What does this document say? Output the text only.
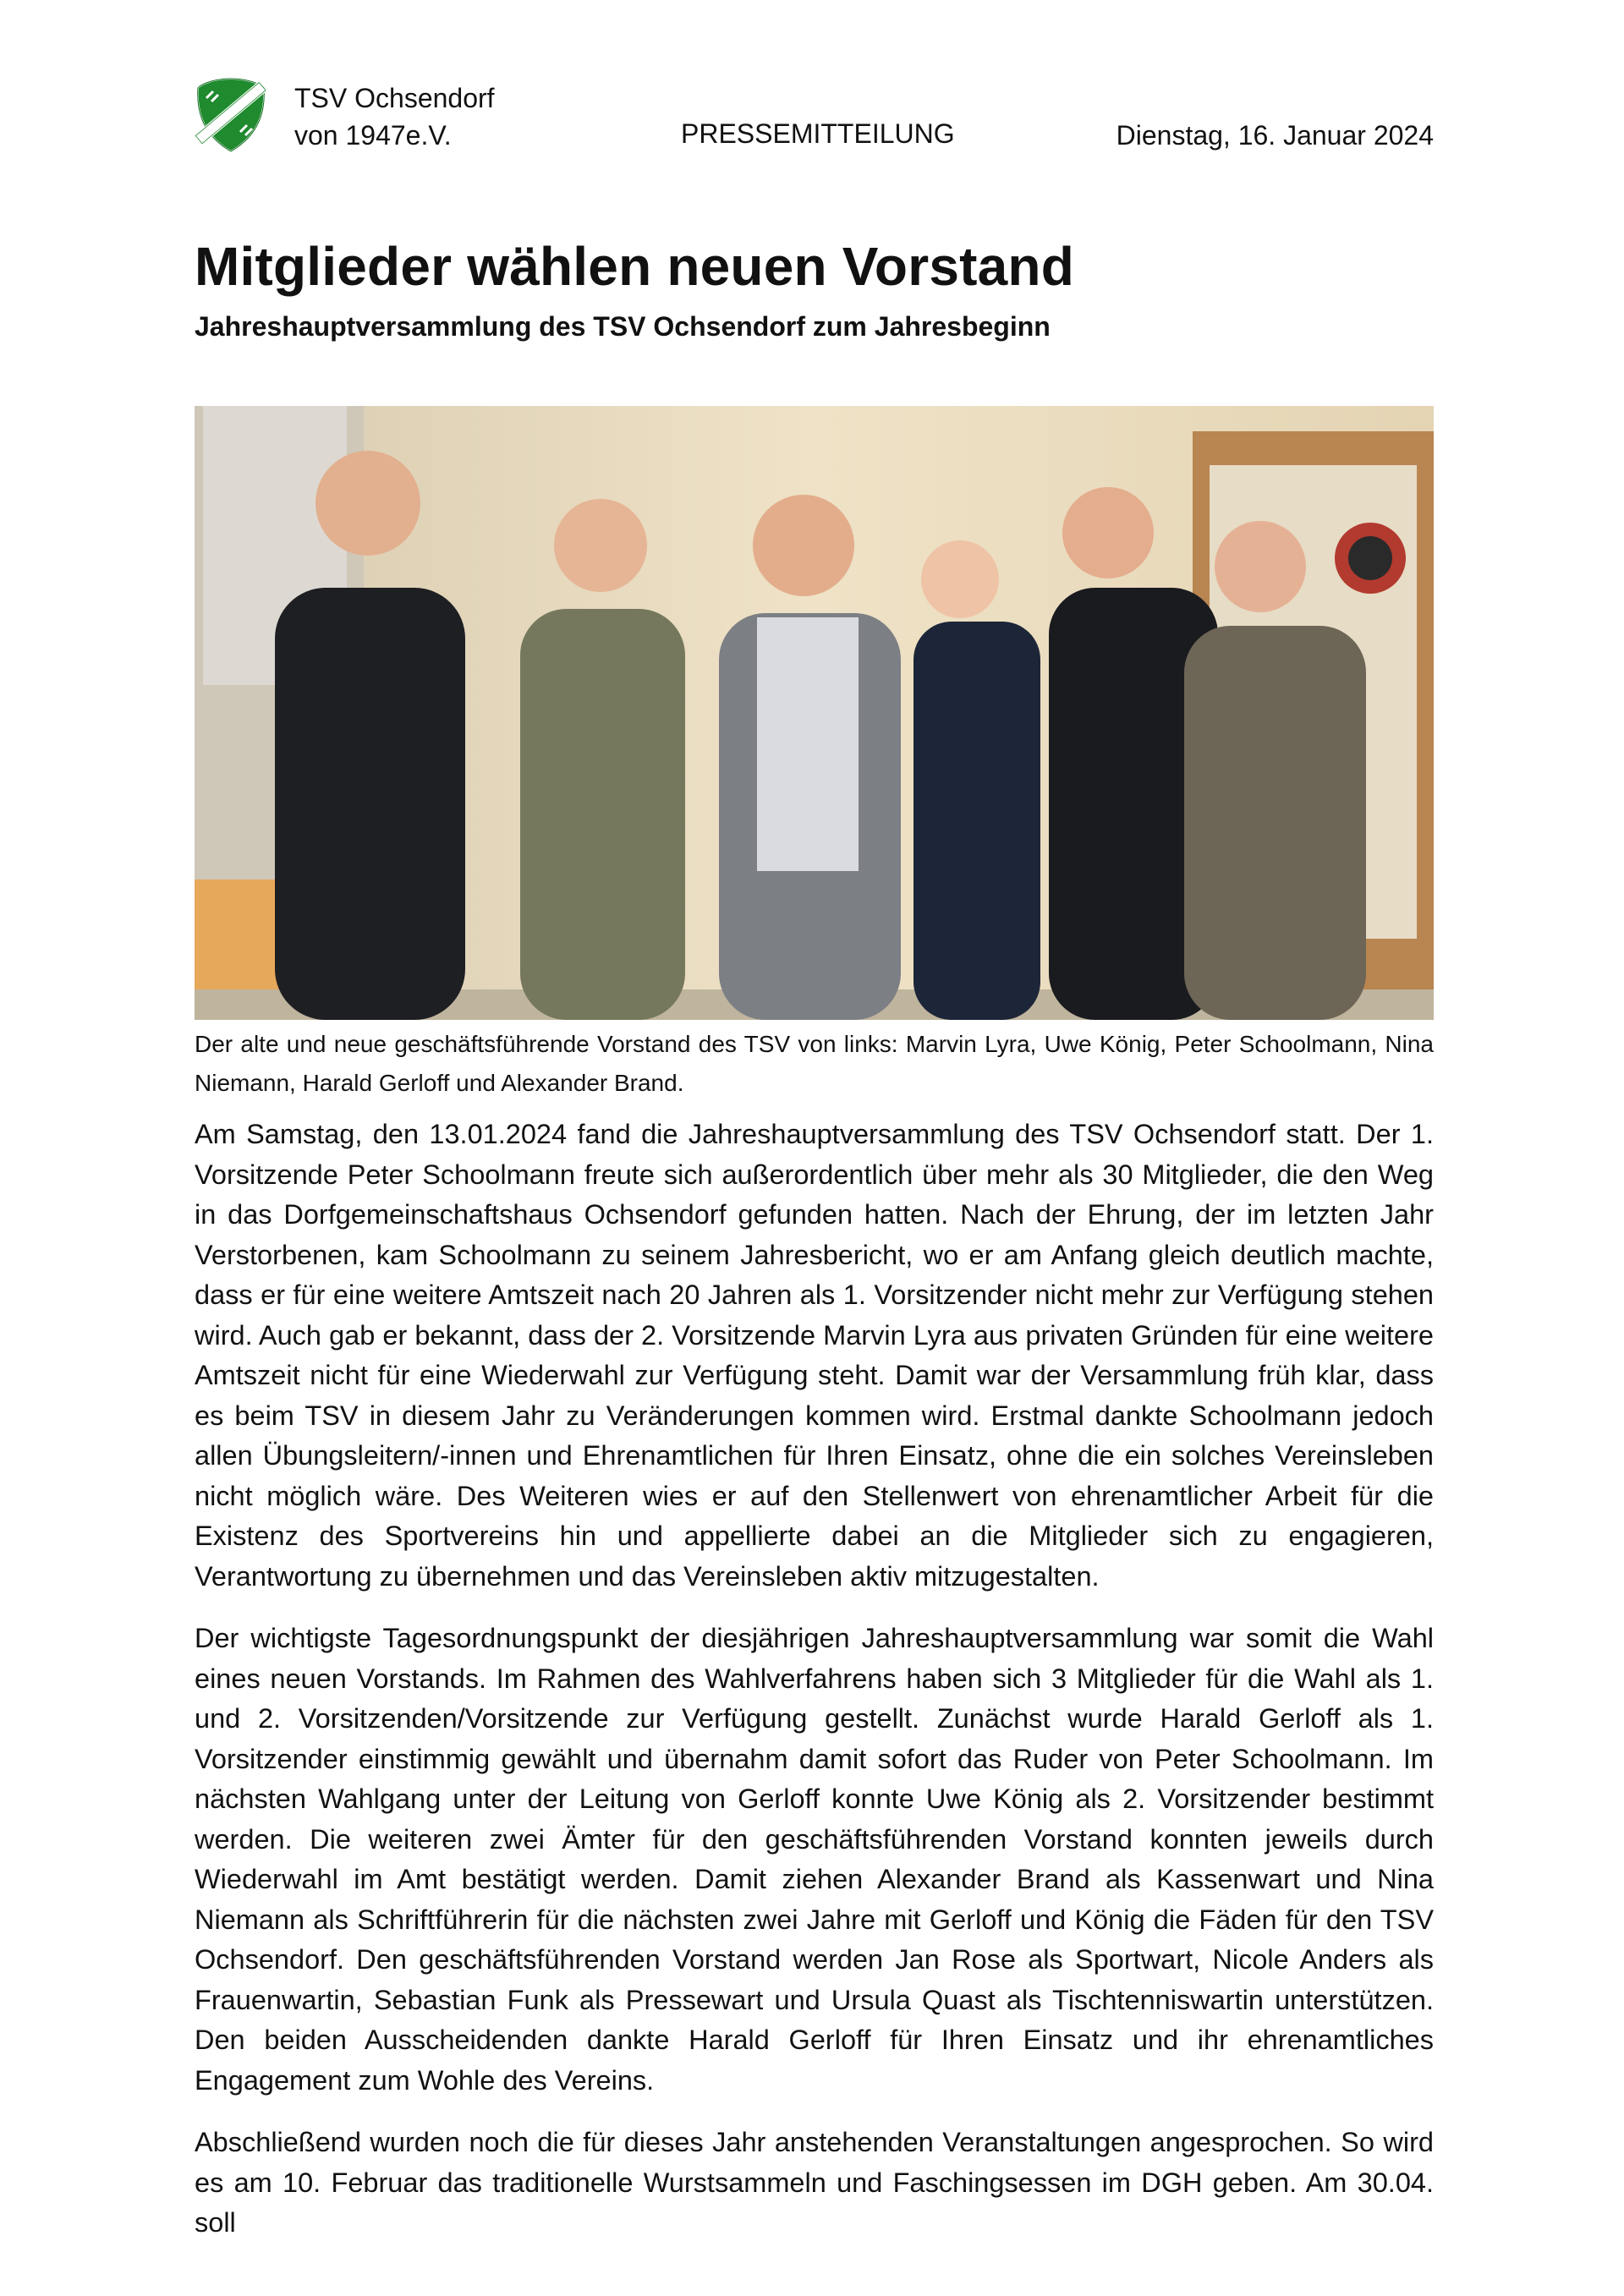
TSV Ochsendorf
von 1947e.V.	PRESSEMITTEILUNG	Dienstag, 16. Januar 2024
Mitglieder wählen neuen Vorstand
Jahreshauptversammlung des TSV Ochsendorf zum Jahresbeginn
Der alte und neue geschäftsführende Vorstand des TSV von links: Marvin Lyra, Uwe König, Peter Schoolmann, Nina Niemann, Harald Gerloff und Alexander Brand.

Am Samstag, den 13.01.2024 fand die Jahreshauptversammlung des TSV Ochsendorf statt. Der 1. Vorsitzende Peter Schoolmann freute sich außerordentlich über mehr als 30 Mitglieder, die den Weg in das Dorfgemeinschaftshaus Ochsendorf gefunden hatten. Nach der Ehrung, der im letzten Jahr Verstorbenen, kam Schoolmann zu seinem Jahresbericht, wo er am Anfang gleich deutlich machte, dass er für eine weitere Amtszeit nach 20 Jahren als 1. Vorsitzender nicht mehr zur Verfügung stehen wird. Auch gab er bekannt, dass der 2. Vorsitzende Marvin Lyra aus privaten Gründen für eine weitere Amtszeit nicht für eine Wiederwahl zur Verfügung steht. Damit war der Versammlung früh klar, dass es beim TSV in diesem Jahr zu Veränderungen kommen wird. Erstmal dankte Schoolmann jedoch allen Übungsleitern/-innen und Ehrenamtlichen für Ihren Einsatz, ohne die ein solches Vereinsleben nicht möglich wäre. Des Weiteren wies er auf den Stellenwert von ehrenamtlicher Arbeit für die Existenz des Sportvereins hin und appellierte dabei an die Mitglieder sich zu engagieren, Verantwortung zu übernehmen und das Vereinsleben aktiv mitzugestalten.

Der wichtigste Tagesordnungspunkt der diesjährigen Jahreshauptversammlung war somit die Wahl eines neuen Vorstands. Im Rahmen des Wahlverfahrens haben sich 3 Mitglieder für die Wahl als 1. und 2. Vorsitzenden/Vorsitzende zur Verfügung gestellt. Zunächst wurde Harald Gerloff als 1. Vorsitzender einstimmig gewählt und übernahm damit sofort das Ruder von Peter Schoolmann. Im nächsten Wahlgang unter der Leitung von Gerloff konnte Uwe König als 2. Vorsitzender bestimmt werden. Die weiteren zwei Ämter für den geschäftsführenden Vorstand konnten jeweils durch Wiederwahl im Amt bestätigt werden. Damit ziehen Alexander Brand als Kassenwart und Nina Niemann als Schriftführerin für die nächsten zwei Jahre mit Gerloff und König die Fäden für den TSV Ochsendorf. Den geschäftsführenden Vorstand werden Jan Rose als Sportwart, Nicole Anders als Frauenwartin, Sebastian Funk als Pressewart und Ursula Quast als Tischtenniswartin unterstützen. Den beiden Ausscheidenden dankte Harald Gerloff für Ihren Einsatz und ihr ehrenamtliches Engagement zum Wohle des Vereins.

Abschließend wurden noch die für dieses Jahr anstehenden Veranstaltungen angesprochen. So wird es am 10. Februar das traditionelle Wurstsammeln und Faschingsessen im DGH geben. Am 30.04. soll
